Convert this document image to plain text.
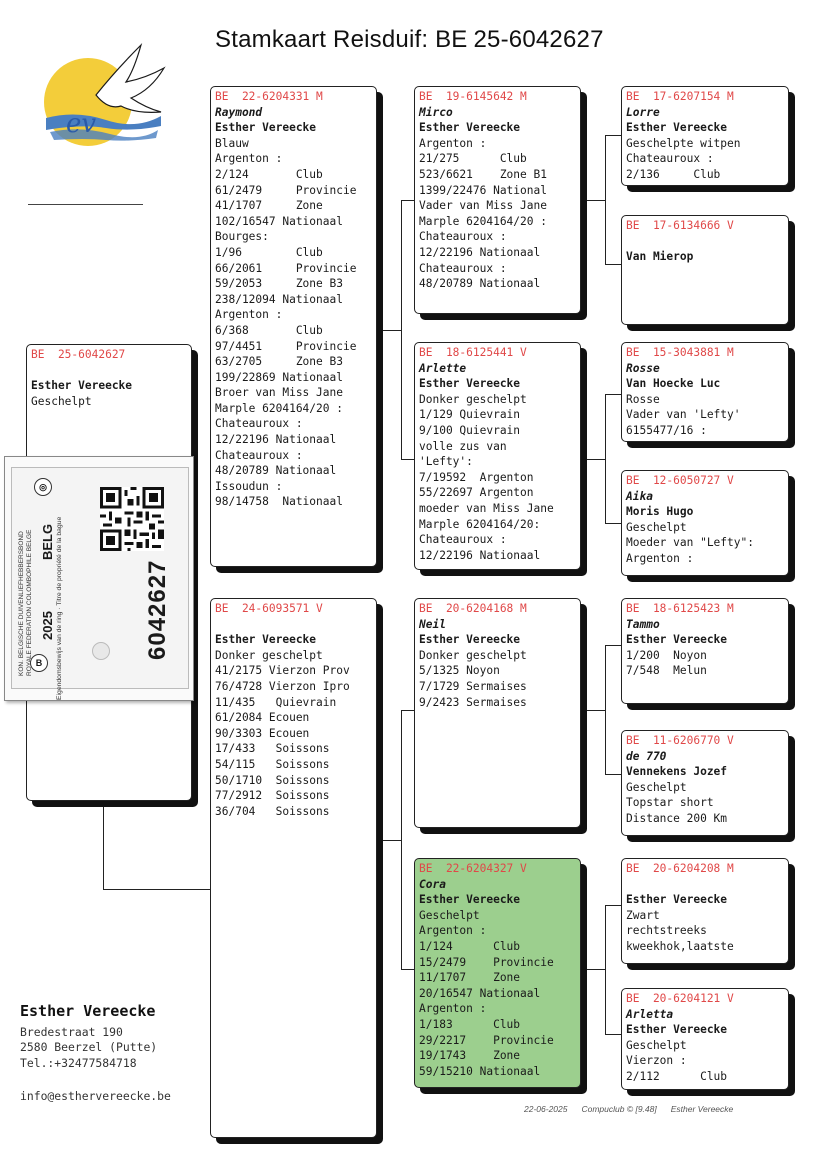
Stamkaart Reisduif: BE 25-6042627
ev
BE  25-6042627
Esther Vereecke
Geschelpt
BE  22-6204331 M
Raymond
Esther Vereecke
Blauw
Argenton :
2/124       Club
61/2479     Provincie
41/1707     Zone
102/16547 Nationaal
Bourges:
1/96        Club
66/2061     Provincie
59/2053     Zone B3
238/12094 Nationaal
Argenton :
6/368       Club
97/4451     Provincie
63/2705     Zone B3
199/22869 Nationaal
Broer van Miss Jane
Marple 6204164/20 :
Chateauroux :
12/22196 Nationaal
Chateauroux :
48/20789 Nationaal
Issoudun :
98/14758  Nationaal
BE  24-6093571 V
Esther Vereecke
Donker geschelpt
41/2175 Vierzon Prov
76/4728 Vierzon Ipro
11/435   Quievrain
61/2084 Ecouen
90/3303 Ecouen
17/433   Soissons
54/115   Soissons
50/1710  Soissons
77/2912  Soissons
36/704   Soissons
BE  19-6145642 M
Mirco
Esther Vereecke
Argenton :
21/275      Club
523/6621    Zone B1
1399/22476 National
Vader van Miss Jane
Marple 6204164/20 :
Chateauroux :
12/22196 Nationaal
Chateauroux :
48/20789 Nationaal
BE  18-6125441 V
Arlette
Esther Vereecke
Donker geschelpt
1/129 Quievrain
9/100 Quievrain
volle zus van
'Lefty':
7/19592  Argenton
55/22697 Argenton
moeder van Miss Jane
Marple 6204164/20:
Chateauroux :
12/22196 Nationaal
BE  20-6204168 M
Neil
Esther Vereecke
Donker geschelpt
5/1325 Noyon
7/1729 Sermaises
9/2423 Sermaises
BE  22-6204327 V
Cora
Esther Vereecke
Geschelpt
Argenton :
1/124      Club
15/2479    Provincie
11/1707    Zone
20/16547 Nationaal
Argenton :
1/183      Club
29/2217    Provincie
19/1743    Zone
59/15210 Nationaal
BE  17-6207154 M
Lorre
Esther Vereecke
Geschelpte witpen
Chateauroux :
2/136     Club
BE  17-6134666 V
Van Mierop
BE  15-3043881 M
Rosse
Van Hoecke Luc
Rosse
Vader van 'Lefty'
6155477/16 :
BE  12-6050727 V
Aika
Moris Hugo
Geschelpt
Moeder van "Lefty":
Argenton :
BE  18-6125423 M
Tammo
Esther Vereecke
1/200  Noyon
7/548  Melun
BE  11-6206770 V
de 770
Vennekens Jozef
Geschelpt
Topstar short
Distance 200 Km
BE  20-6204208 M
Esther Vereecke
Zwart
rechtstreeks
kweekhok,laatste
BE  20-6204121 V
Arletta
Esther Vereecke
Geschelpt
Vierzon :
2/112      Club
◎
B
KON. BELGISCHE DUIVENLIEFHEBBERSBOND ROYALE FEDERATION COLOMBOPHILE BELGE	Eigendomsbewijs van de ring · Titre de propriété de la bague
2025
BELG
6042627
Esther Vereecke
Bredestraat 190
2580 Beerzel (Putte)
Tel.:+32477584718
info@esthervereecke.be
22-06-2025 Compuclub © [9.48] Esther Vereecke
